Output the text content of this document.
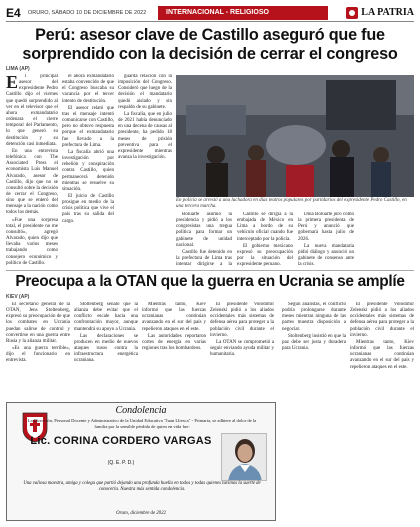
E4	ORURO, SÁBADO 10 DE DICIEMBRE DE 2022	INTERNACIONAL - RELIGIOSO	LA PATRIA
Perú: asesor clave de Castillo aseguró que fue sorprendido con la decisión de cerrar el congreso
LIMA (AP)
E	l principal asesor del expresidente Pedro Castillo dijo el viernes que quedó sorprendido al ver en el televisor que el ahora exmandatario ordenara el cierre temporal del Parlamento, lo que generó su destitución y su detención casi inmediata.

En una entrevista telefónica con The Associated Press el economista Luis Manuel Alvarado, asesor de Castillo, dijo que no se consultó sobre la decisión de cerrar el Congreso, sino que se enteró del mensaje a la nación como todos los demás.

«Fue una sorpresa total, el presidente no me consultó», agregó Alvarado, quien dijo que llevaba varios meses trabajando como consejero económico y político de Castillo.

el ahora exmandatario estaba convencido de que el Congreso buscaba su vacancia por el tercer intento de destitución.

El asesor relató que tras el mensaje intentó comunicarse con Castillo, pero no obtuvo respuesta porque el exmandatario fue llevado a la prefectura de Lima.

La fiscalía abrió una investigación por rebelión y conspiración contra Castillo, quien permanecerá detenido mientras se resuelve su situación.

El juicio de Castillo prosigue en medio de la crisis política que vive el país tras su salida del cargo.

guarda relación con la imposición del Congreso. Consideró que luego de la decisión el mandatario quedó aislado y sin respaldo de su gabinete.

La fiscalía, que en julio de 2021 había denunciado en una decena de causas al presidente, ha pedido 18 meses de prisión preventiva para el expresidente mientras avanza la investigación.

En policía se arrestó a una luchadora en días teatros populares por partidarios del expresidente Pedro Castillo, en una tercera marcha.

Boluarte asumió la presidencia y pidió a los congresistas una tregua política para formar un gabinete de unidad nacional.

Castillo fue detenido en la prefectura de Lima tras intentar dirigirse a la

Castillo se dirigía a la embajada de México en Lima a bordo de su vehículo oficial cuando fue interceptado por la policía.

El gobierno mexicano expresó su preocupación por la situación del expresidente peruano.

Dina Boluarte juró como la primera presidenta de Perú y anunció que gobernará hasta julio de 2026.

La nueva mandataria pidió diálogo y anunció un gabinete de consenso ante la crisis.

Preocupa a la OTAN que la guerra en Ucrania se amplíe
KIEV (AP)

El secretario general de la OTAN, Jens Stoltenberg, expresó su preocupación de que los combates en Ucrania puedan salirse de control y convertirse en una guerra entre Rusia y la alianza militar.

«Es una guerra terrible», dijo el funcionario en entrevista.

Stoltenberg señaló que la alianza debe evitar que el conflicto escale hacia una confrontación mayor, aunque mantendrá su apoyo a Ucrania.

Las declaraciones se producen en medio de nuevos ataques rusos contra la infraestructura energética ucraniana.

Mientras tanto, Kiev informó que las fuerzas ucranianas continúan avanzando en el sur del país y repelieron ataques en el este.

Las autoridades reportaron cortes de energía en varias regiones tras los bombardeos.

El presidente Volodímir Zelenski pidió a los aliados occidentales más sistemas de defensa aérea para proteger a la población civil durante el invierno.

La OTAN se comprometió a seguir enviando ayuda militar y humanitaria.

Según analistas, el conflicto podría prolongarse durante meses mientras ninguna de las partes muestra disposición a negociar.

Stoltenberg insistió en que la paz debe ser justa y duradera para Ucrania.

El presidente Volodímir Zelenski pidió a los aliados occidentales más sistemas de defensa aérea para proteger a la población civil durante el invierno.

Mientras tanto, Kiev informó que las fuerzas ucranianas continúan avanzando en el sur del país y repelieron ataques en el este.

Condolencia
La Dirección, Personal Docente y Administrativo de la Unidad Educativa "Juan Lliesca" - Primaria, se adhiere al dolor de la familia por la sensible pérdida de quien en vida fue:
Lic. CORINA CORDERO VARGAS
(Q. E. P. D.)
Una valiosa maestra, amiga y colega que partió dejando una profunda huella en todos y todas quienes tuvimos la suerte de conocerla. Nuestra más sentida condolencia.
Oruro, diciembre de 2022
